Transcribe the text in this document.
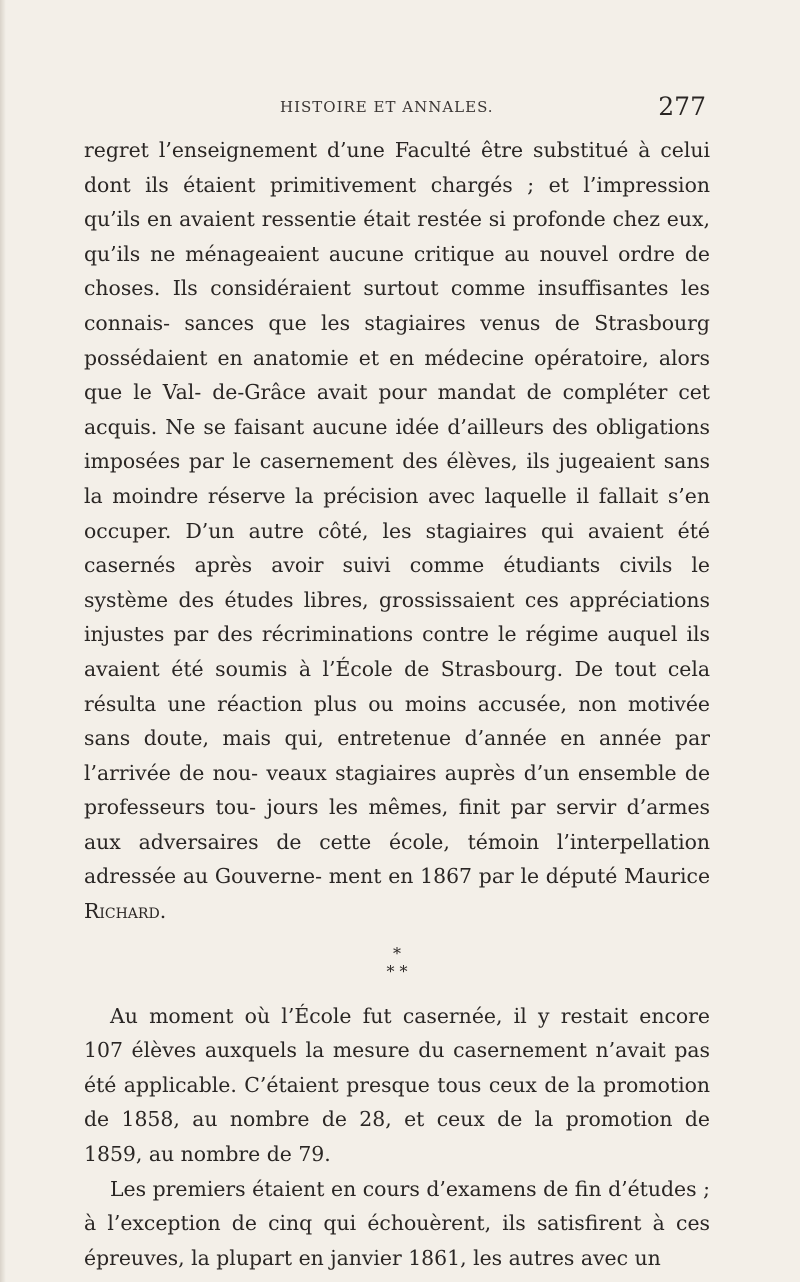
HISTOIRE ET ANNALES.	277

regret l’enseignement d’une Faculté être substitué à celui dont ils étaient primitivement chargés ; et l’impression qu’ils en avaient ressentie était restée si profonde chez eux, qu’ils ne ménageaient aucune critique au nouvel ordre de choses. Ils considéraient surtout comme insuffisantes les connais- sances que les stagiaires venus de Strasbourg possédaient en anatomie et en médecine opératoire, alors que le Val- de-Grâce avait pour mandat de compléter cet acquis. Ne se faisant aucune idée d’ailleurs des obligations imposées par le casernement des élèves, ils jugeaient sans la moindre réserve la précision avec laquelle il fallait s’en occuper. D’un autre côté, les stagiaires qui avaient été casernés après avoir suivi comme étudiants civils le système des études libres, grossissaient ces appréciations injustes par des récriminations contre le régime auquel ils avaient été soumis à l’École de Strasbourg. De tout cela résulta une réaction plus ou moins accusée, non motivée sans doute, mais qui, entretenue d’année en année par l’arrivée de nou- veaux stagiaires auprès d’un ensemble de professeurs tou- jours les mêmes, finit par servir d’armes aux adversaires de cette école, témoin l’interpellation adressée au Gouverne- ment en 1867 par le député Maurice Richard.

*
* *

Au moment où l’École fut casernée, il y restait encore 107 élèves auxquels la mesure du casernement n’avait pas été applicable. C’étaient presque tous ceux de la promotion de 1858, au nombre de 28, et ceux de la promotion de 1859, au nombre de 79.

Les premiers étaient en cours d’examens de fin d’études ; à l’exception de cinq qui échouèrent, ils satisfirent à ces épreuves, la plupart en janvier 1861, les autres avec un
